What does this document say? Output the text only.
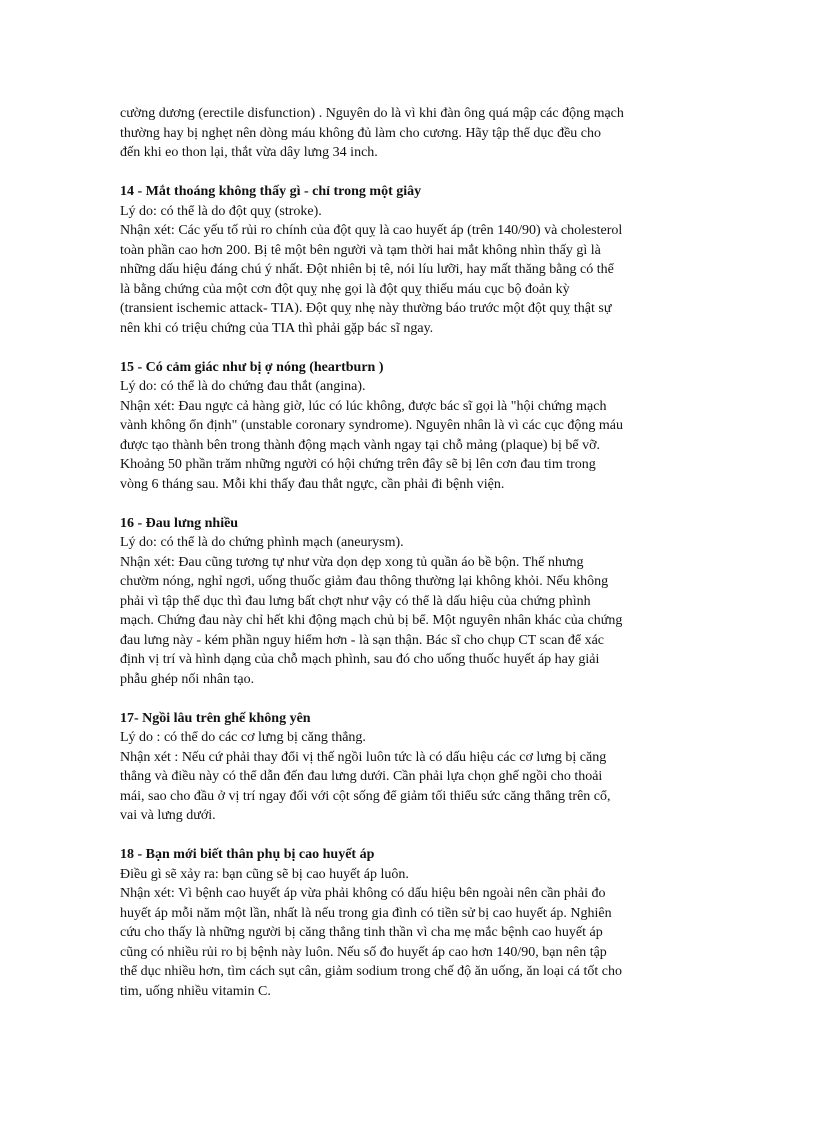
cường dương (erectile disfunction) . Nguyên do là vì khi đàn ông quá mập các động mạch
thường hay bị nghẹt nên dòng máu không đủ làm cho cương. Hãy tập thể dục đều cho
đến khi eo thon lại, thắt vừa dây lưng 34 inch.
14 - Mắt thoáng không thấy gì - chỉ trong một giây
Lý do: có thể là do đột quỵ (stroke).
Nhận xét: Các yếu tố rủi ro chính của đột quỵ là cao huyết áp (trên 140/90) và cholesterol
toàn phần cao hơn 200. Bị tê một bên người và tạm thời hai mắt không nhìn thấy gì là
những dấu hiệu đáng chú ý nhất. Đột nhiên bị tê, nói líu lưỡi, hay mất thăng bằng có thể
là bằng chứng của một cơn đột quỵ nhẹ gọi là đột quỵ thiếu máu cục bộ đoản kỳ
(transient ischemic attack- TIA). Đột quỵ nhẹ này thường báo trước một đột quỵ thật sự
nên khi có triệu chứng của TIA thì phải gặp bác sĩ ngay.
15 - Có cảm giác như bị ợ nóng (heartburn )
Lý do: có thể là do chứng đau thắt (angina).
Nhận xét: Đau ngực cả hàng giờ, lúc có lúc không, được bác sĩ gọi là "hội chứng mạch
vành không ổn định" (unstable coronary syndrome). Nguyên nhân là vì các cục động máu
được tạo thành bên trong thành động mạch vành ngay tại chỗ mảng (plaque) bị bể vỡ.
Khoảng 50 phần trăm những người có hội chứng trên đây sẽ bị lên cơn đau tim trong
vòng 6 tháng sau. Mỗi khi thấy đau thắt ngực, cần phải đi bệnh viện.
16 - Đau lưng nhiều
Lý do: có thể là do chứng phình mạch (aneurysm).
Nhận xét: Đau cũng tương tự như vừa dọn dẹp xong tủ quần áo bề bộn. Thế nhưng
chườm nóng, nghỉ ngơi, uống thuốc giảm đau thông thường lại không khỏi. Nếu không
phải vì tập thể dục thì đau lưng bất chợt như vậy có thể là dấu hiệu của chứng phình
mạch. Chứng đau này chỉ hết khi động mạch chủ bị bể. Một nguyên nhân khác của chứng
đau lưng này - kém phần nguy hiểm hơn - là sạn thận. Bác sĩ cho chụp CT scan để xác
định vị trí và hình dạng của chỗ mạch phình, sau đó cho uống thuốc huyết áp hay giải
phẫu ghép nối nhân tạo.
17- Ngồi lâu trên ghế không yên
Lý do : có thể do các cơ lưng bị căng thẳng.
Nhận xét : Nếu cứ phải thay đổi vị thế ngồi luôn tức là có dấu hiệu các cơ lưng bị căng
thẳng và điều này có thể dẫn đến đau lưng dưới. Cần phải lựa chọn ghế ngồi cho thoải
mái, sao cho đầu ở vị trí ngay đối với cột sống để giảm tối thiểu sức căng thẳng trên cổ,
vai và lưng dưới.
18 - Bạn mới biết thân phụ bị cao huyết áp
Điều gì sẽ xảy ra: bạn cũng sẽ bị cao huyết áp luôn.
Nhận xét: Vì bệnh cao huyết áp vừa phải không có dấu hiệu bên ngoài nên cần phải đo
huyết áp mỗi năm một lần, nhất là nếu trong gia đình có tiền sử bị cao huyết áp. Nghiên
cứu cho thấy là những người bị căng thẳng tinh thần vì cha mẹ mắc bệnh cao huyết áp
cũng có nhiều rủi ro bị bệnh này luôn. Nếu số đo huyết áp cao hơn 140/90, bạn nên tập
thể dục nhiều hơn, tìm cách sụt cân, giảm sodium trong chế độ ăn uống, ăn loại cá tốt cho
tim, uống nhiều vitamin C.
